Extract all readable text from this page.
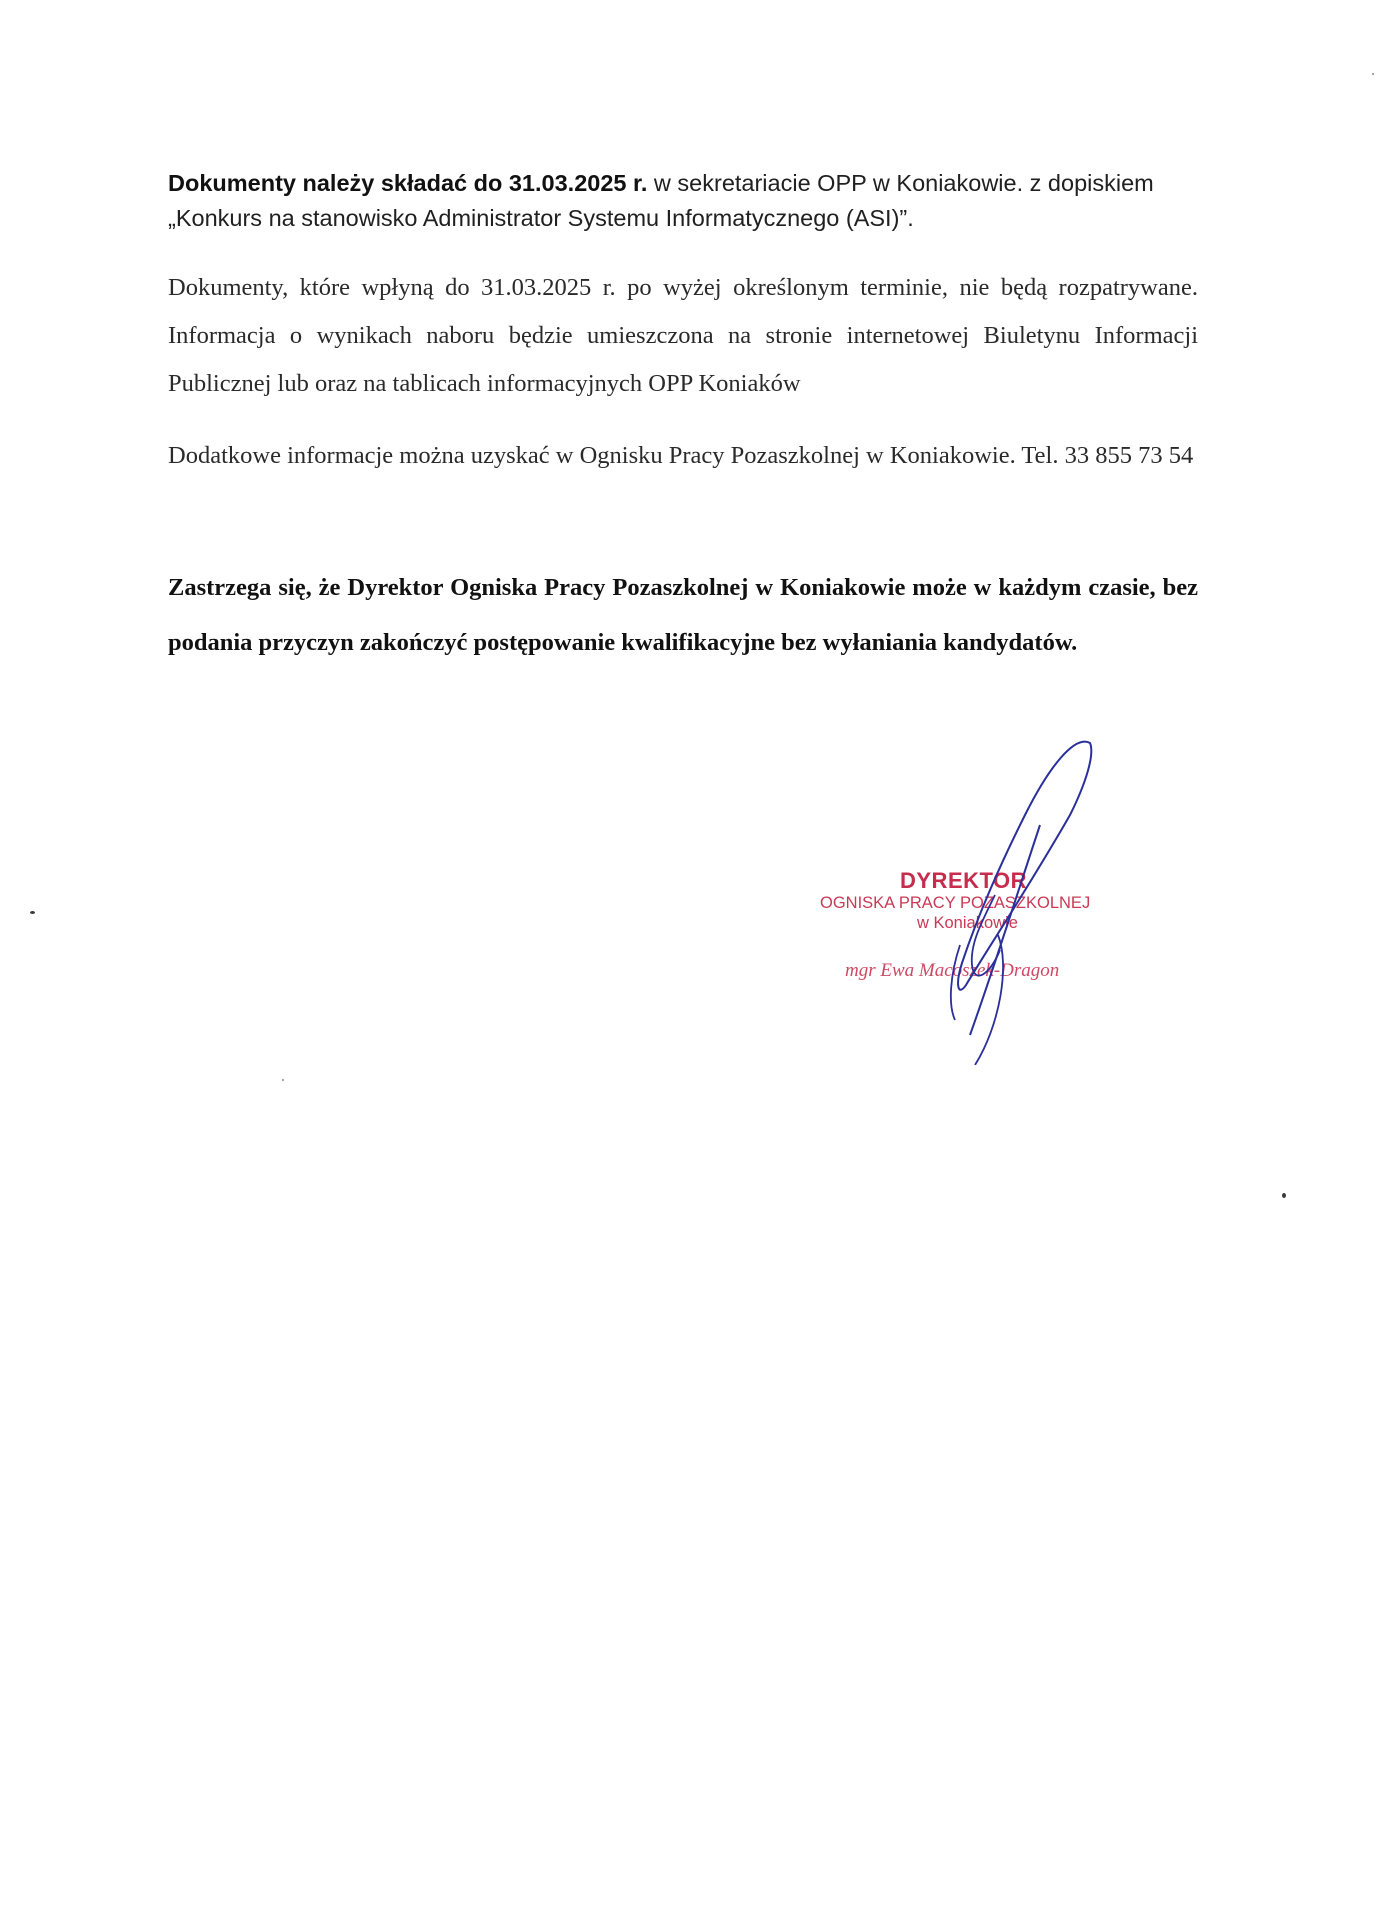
Dokumenty należy składać do 31.03.2025 r. w sekretariacie OPP w Koniakowie. z dopiskiem
„Konkurs na stanowisko Administrator Systemu Informatycznego (ASI)”.

Dokumenty, które wpłyną do 31.03.2025 r. po wyżej określonym terminie, nie będą rozpatrywane. Informacja o wynikach naboru będzie umieszczona na stronie internetowej Biuletynu Informacji Publicznej lub oraz na tablicach informacyjnych OPP Koniaków

Dodatkowe informacje można uzyskać w Ognisku Pracy Pozaszkolnej w Koniakowie. Tel. 33 855 73 54

Zastrzega się, że Dyrektor Ogniska Pracy Pozaszkolnej w Koniakowie może w każdym czasie, bez podania przyczyn zakończyć postępowanie kwalifikacyjne bez wyłaniania kandydatów.

DYREKTOR
OGNISKA PRACY POZASZKOLNEJ
w Koniakowie
mgr Ewa Macoszek-Dragon
